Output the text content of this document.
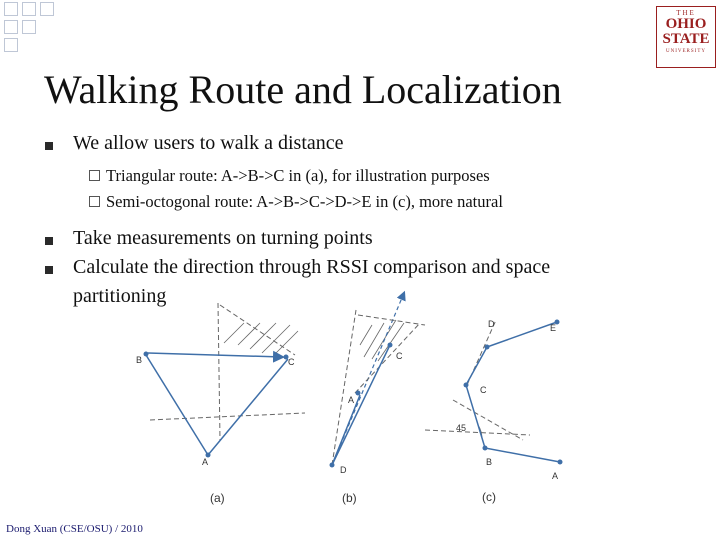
THE
OHIO
STATE
UNIVERSITY
Walking Route and Localization
We allow users to walk a distance
Triangular route: A->B->C in (a), for illustration purposes
Semi-octogonal route: A->B->C->D->E in (c), more natural
Take measurements on turning points
Calculate the direction through RSSI comparison and space
partitioning
B	C
A
(a)
C
A
D
(b)
D	E
C
B
A
45
(c)
Dong Xuan (CSE/OSU) / 2010
